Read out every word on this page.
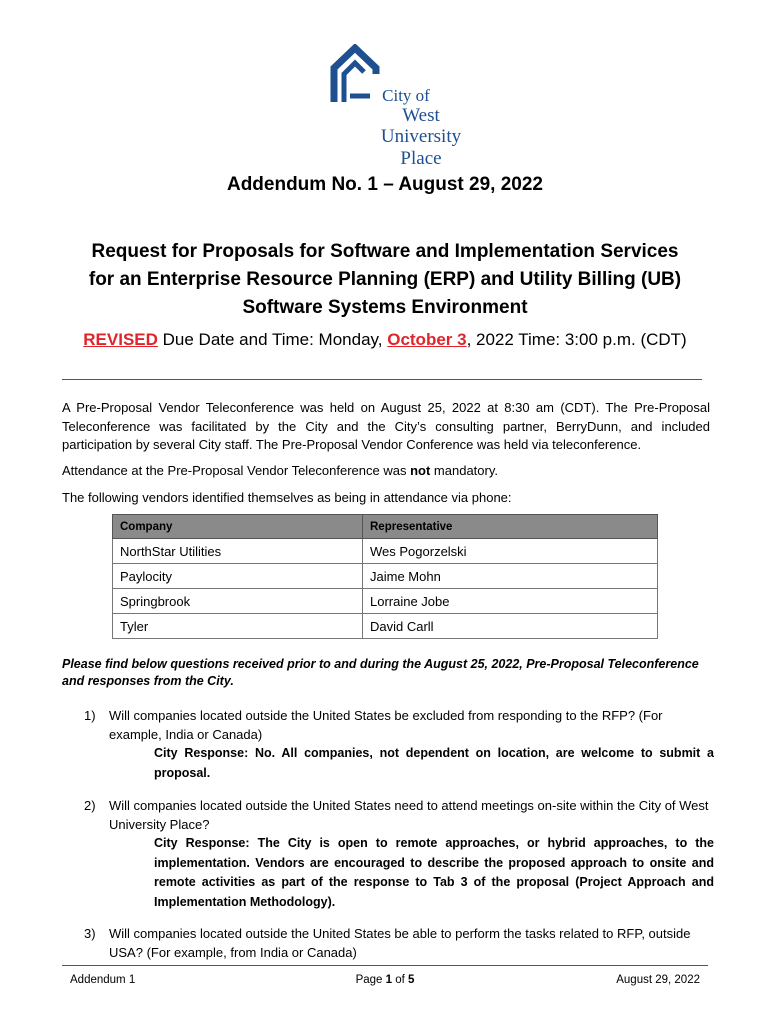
City of
West University
Place
Addendum No. 1 – August 29, 2022
Request for Proposals for Software and Implementation Services
for an Enterprise Resource Planning (ERP) and Utility Billing (UB)
Software Systems Environment
REVISED Due Date and Time: Monday, October 3, 2022 Time: 3:00 p.m. (CDT)
A Pre-Proposal Vendor Teleconference was held on August 25, 2022 at 8:30 am (CDT). The Pre-Proposal Teleconference was facilitated by the City and the City’s consulting partner, BerryDunn, and included participation by several City staff. The Pre-Proposal Vendor Conference was held via teleconference.
Attendance at the Pre-Proposal Vendor Teleconference was not mandatory.
The following vendors identified themselves as being in attendance via phone:
Company	Representative
NorthStar Utilities	Wes Pogorzelski
Paylocity	Jaime Mohn
Springbrook	Lorraine Jobe
Tyler	David Carll
Please find below questions received prior to and during the August 25, 2022, Pre-Proposal Teleconference and responses from the City.
1)	Will companies located outside the United States be excluded from responding to the RFP? (For example, India or Canada)
City Response: No. All companies, not dependent on location, are welcome to submit a proposal.
2)	Will companies located outside the United States need to attend meetings on-site within the City of West University Place?
City Response: The City is open to remote approaches, or hybrid approaches, to the implementation. Vendors are encouraged to describe the proposed approach to onsite and remote activities as part of the response to Tab 3 of the proposal (Project Approach and Implementation Methodology).
3)	Will companies located outside the United States be able to perform the tasks related to RFP, outside USA? (For example, from India or Canada)
Addendum 1	Page 1 of 5	August 29, 2022
